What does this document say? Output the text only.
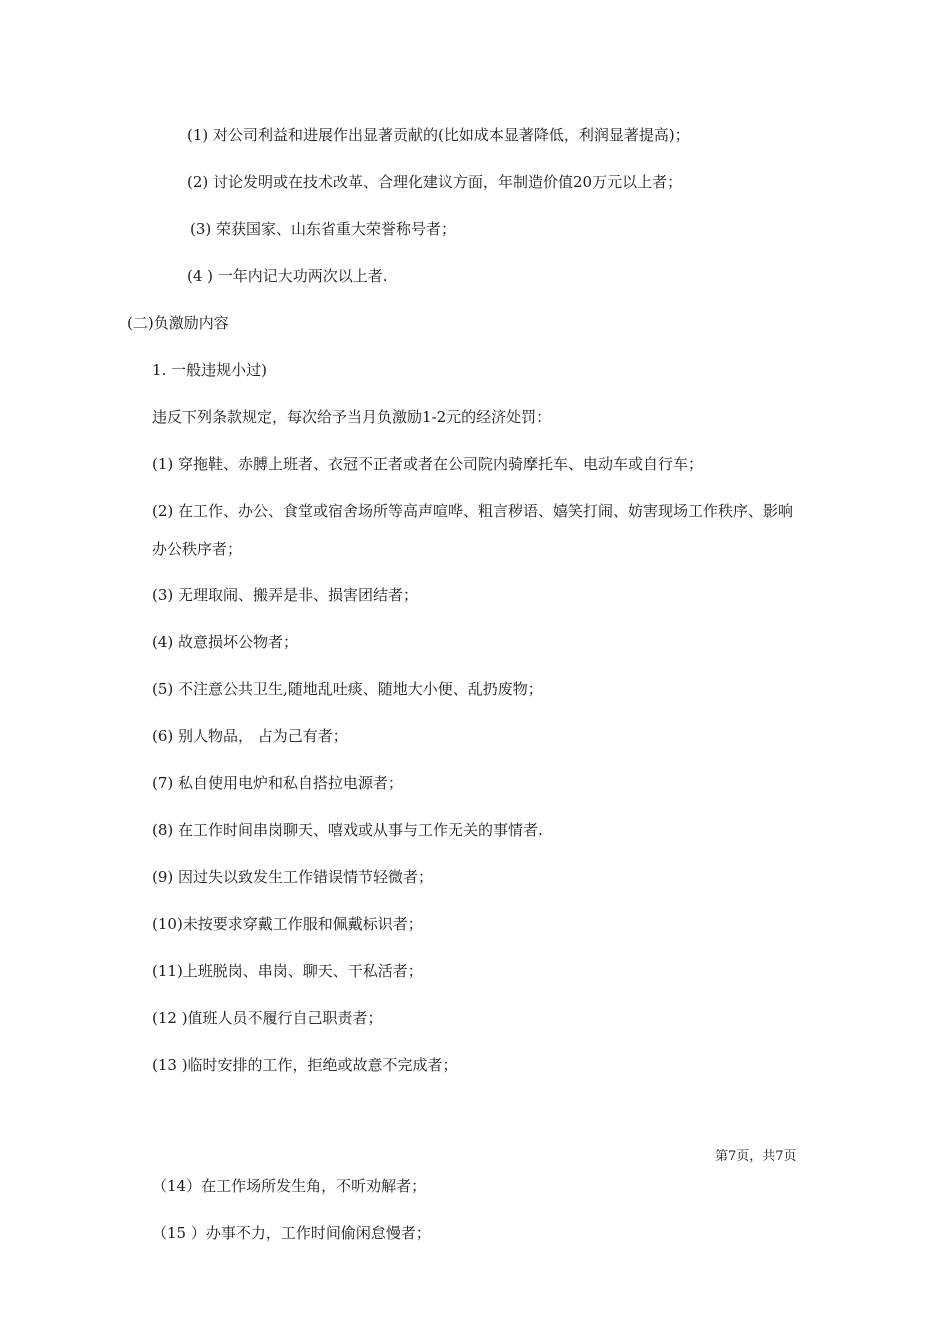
(1) 对公司利益和进展作出显著贡献的(比如成本显著降低，利润显著提高)；
(2) 讨论发明或在技术改革、合理化建议方面，年制造价值20万元以上者；
(3) 荣获国家、山东省重大荣誉称号者；
(4 ) 一年内记大功两次以上者.
(二)负激励内容
1. 一般违规小过)
违反下列条款规定，每次给予当月负激励1-2元的经济处罚：
(1) 穿拖鞋、赤膊上班者、衣冠不正者或者在公司院内骑摩托车、电动车或自行车；
(2) 在工作、办公、食堂或宿舍场所等高声喧哗、粗言秽语、嬉笑打闹、妨害现场工作秩序、影响
办公秩序者；
(3) 无理取闹、搬弄是非、损害团结者；
(4) 故意损坏公物者；
(5) 不注意公共卫生,随地乱吐痰、随地大小便、乱扔废物；
(6) 别人物品， 占为己有者；
(7) 私自使用电炉和私自搭拉电源者；
(8) 在工作时间串岗聊天、嘻戏或从事与工作无关的事情者.
(9) 因过失以致发生工作错误情节轻微者；
(10)未按要求穿戴工作服和佩戴标识者；
(11)上班脱岗、串岗、聊天、干私活者；
(12 )值班人员不履行自己职责者；
(13 )临时安排的工作，拒绝或故意不完成者；
第7页，共7页
（14）在工作场所发生角，不听劝解者；
（15 ）办事不力，工作时间偷闲怠慢者；
